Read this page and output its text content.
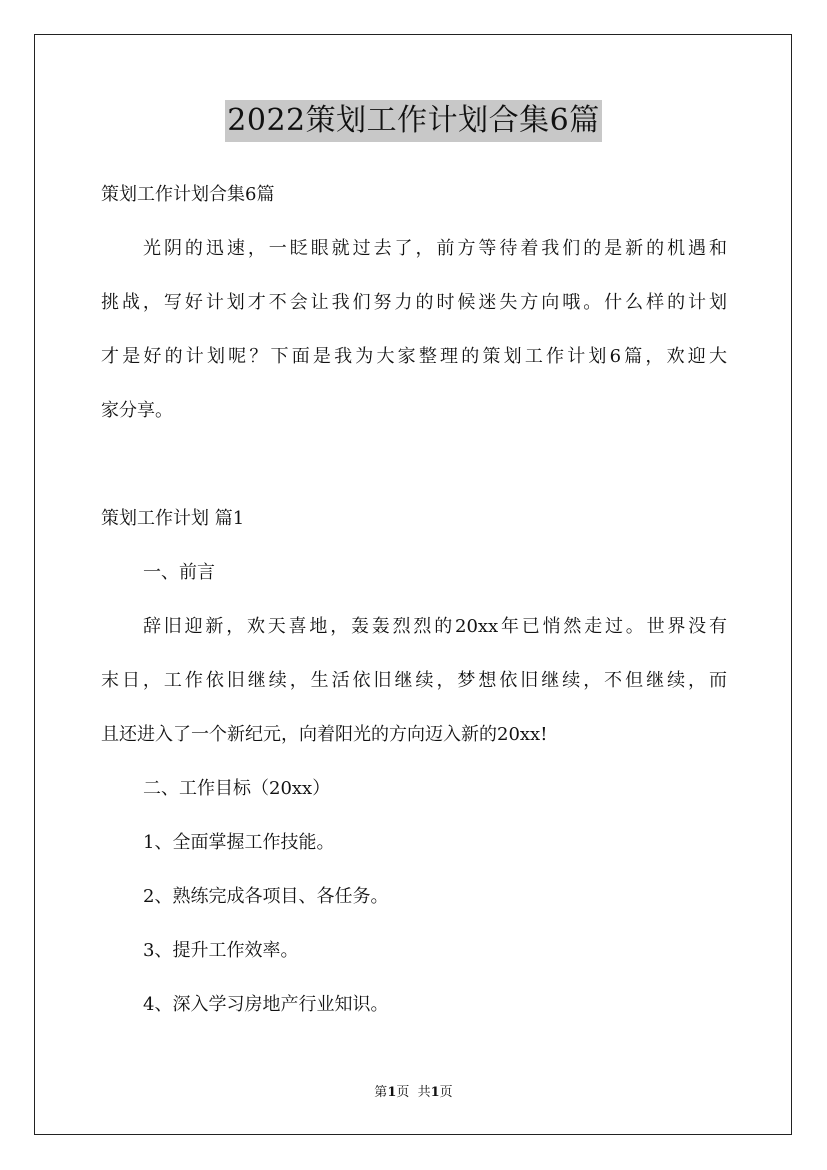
2022策划工作计划合集6篇
策划工作计划合集6篇
光阴的迅速，一眨眼就过去了，前方等待着我们的是新的机遇和
挑战，写好计划才不会让我们努力的时候迷失方向哦。什么样的计划
才是好的计划呢？下面是我为大家整理的策划工作计划6篇，欢迎大
家分享。
策划工作计划 篇1
一、前言
辞旧迎新，欢天喜地，轰轰烈烈的20xx年已悄然走过。世界没有
末日，工作依旧继续，生活依旧继续，梦想依旧继续，不但继续，而
且还进入了一个新纪元，向着阳光的方向迈入新的20xx!
二、工作目标（20xx）
1、全面掌握工作技能。
2、熟练完成各项目、各任务。
3、提升工作效率。
4、深入学习房地产行业知识。
第1页  共1页
